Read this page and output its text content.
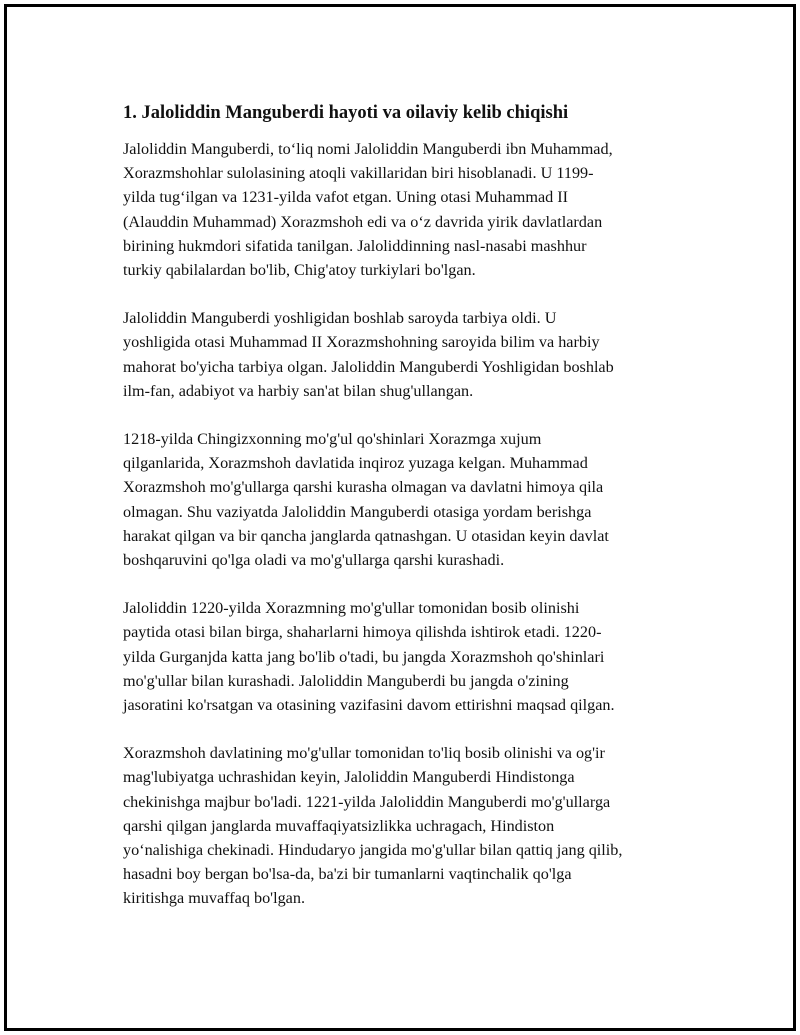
1. Jaloliddin Manguberdi hayoti va oilaviy kelib chiqishi

Jaloliddin Manguberdi, to‘liq nomi Jaloliddin Manguberdi ibn Muhammad,
Xorazmshohlar sulolasining atoqli vakillaridan biri hisoblanadi. U 1199-
yilda tug‘ilgan va 1231-yilda vafot etgan. Uning otasi Muhammad II
(Alauddin Muhammad) Xorazmshoh edi va o‘z davrida yirik davlatlardan
birining hukmdori sifatida tanilgan. Jaloliddinning nasl-nasabi mashhur
turkiy qabilalardan bo'lib, Chig'atoy turkiylari bo'lgan.

Jaloliddin Manguberdi yoshligidan boshlab saroyda tarbiya oldi. U
yoshligida otasi Muhammad II Xorazmshohning saroyida bilim va harbiy
mahorat bo'yicha tarbiya olgan. Jaloliddin Manguberdi Yoshligidan boshlab
ilm-fan, adabiyot va harbiy san'at bilan shug'ullangan.

1218-yilda Chingizxonning mo'g'ul qo'shinlari Xorazmga xujum
qilganlarida, Xorazmshoh davlatida inqiroz yuzaga kelgan. Muhammad
Xorazmshoh mo'g'ullarga qarshi kurasha olmagan va davlatni himoya qila
olmagan. Shu vaziyatda Jaloliddin Manguberdi otasiga yordam berishga
harakat qilgan va bir qancha janglarda qatnashgan. U otasidan keyin davlat
boshqaruvini qo'lga oladi va mo'g'ullarga qarshi kurashadi.

Jaloliddin 1220-yilda Xorazmning mo'g'ullar tomonidan bosib olinishi
paytida otasi bilan birga, shaharlarni himoya qilishda ishtirok etadi. 1220-
yilda Gurganjda katta jang bo'lib o'tadi, bu jangda Xorazmshoh qo'shinlari
mo'g'ullar bilan kurashadi. Jaloliddin Manguberdi bu jangda o'zining
jasoratini ko'rsatgan va otasining vazifasini davom ettirishni maqsad qilgan.

Xorazmshoh davlatining mo'g'ullar tomonidan to'liq bosib olinishi va og'ir
mag'lubiyatga uchrashidan keyin, Jaloliddin Manguberdi Hindistonga
chekinishga majbur bo'ladi. 1221-yilda Jaloliddin Manguberdi mo'g'ullarga
qarshi qilgan janglarda muvaffaqiyatsizlikka uchragach, Hindiston
yo‘nalishiga chekinadi. Hindudaryo jangida mo'g'ullar bilan qattiq jang qilib,
hasadni boy bergan bo'lsa-da, ba'zi bir tumanlarni vaqtinchalik qo'lga
kiritishga muvaffaq bo'lgan.
